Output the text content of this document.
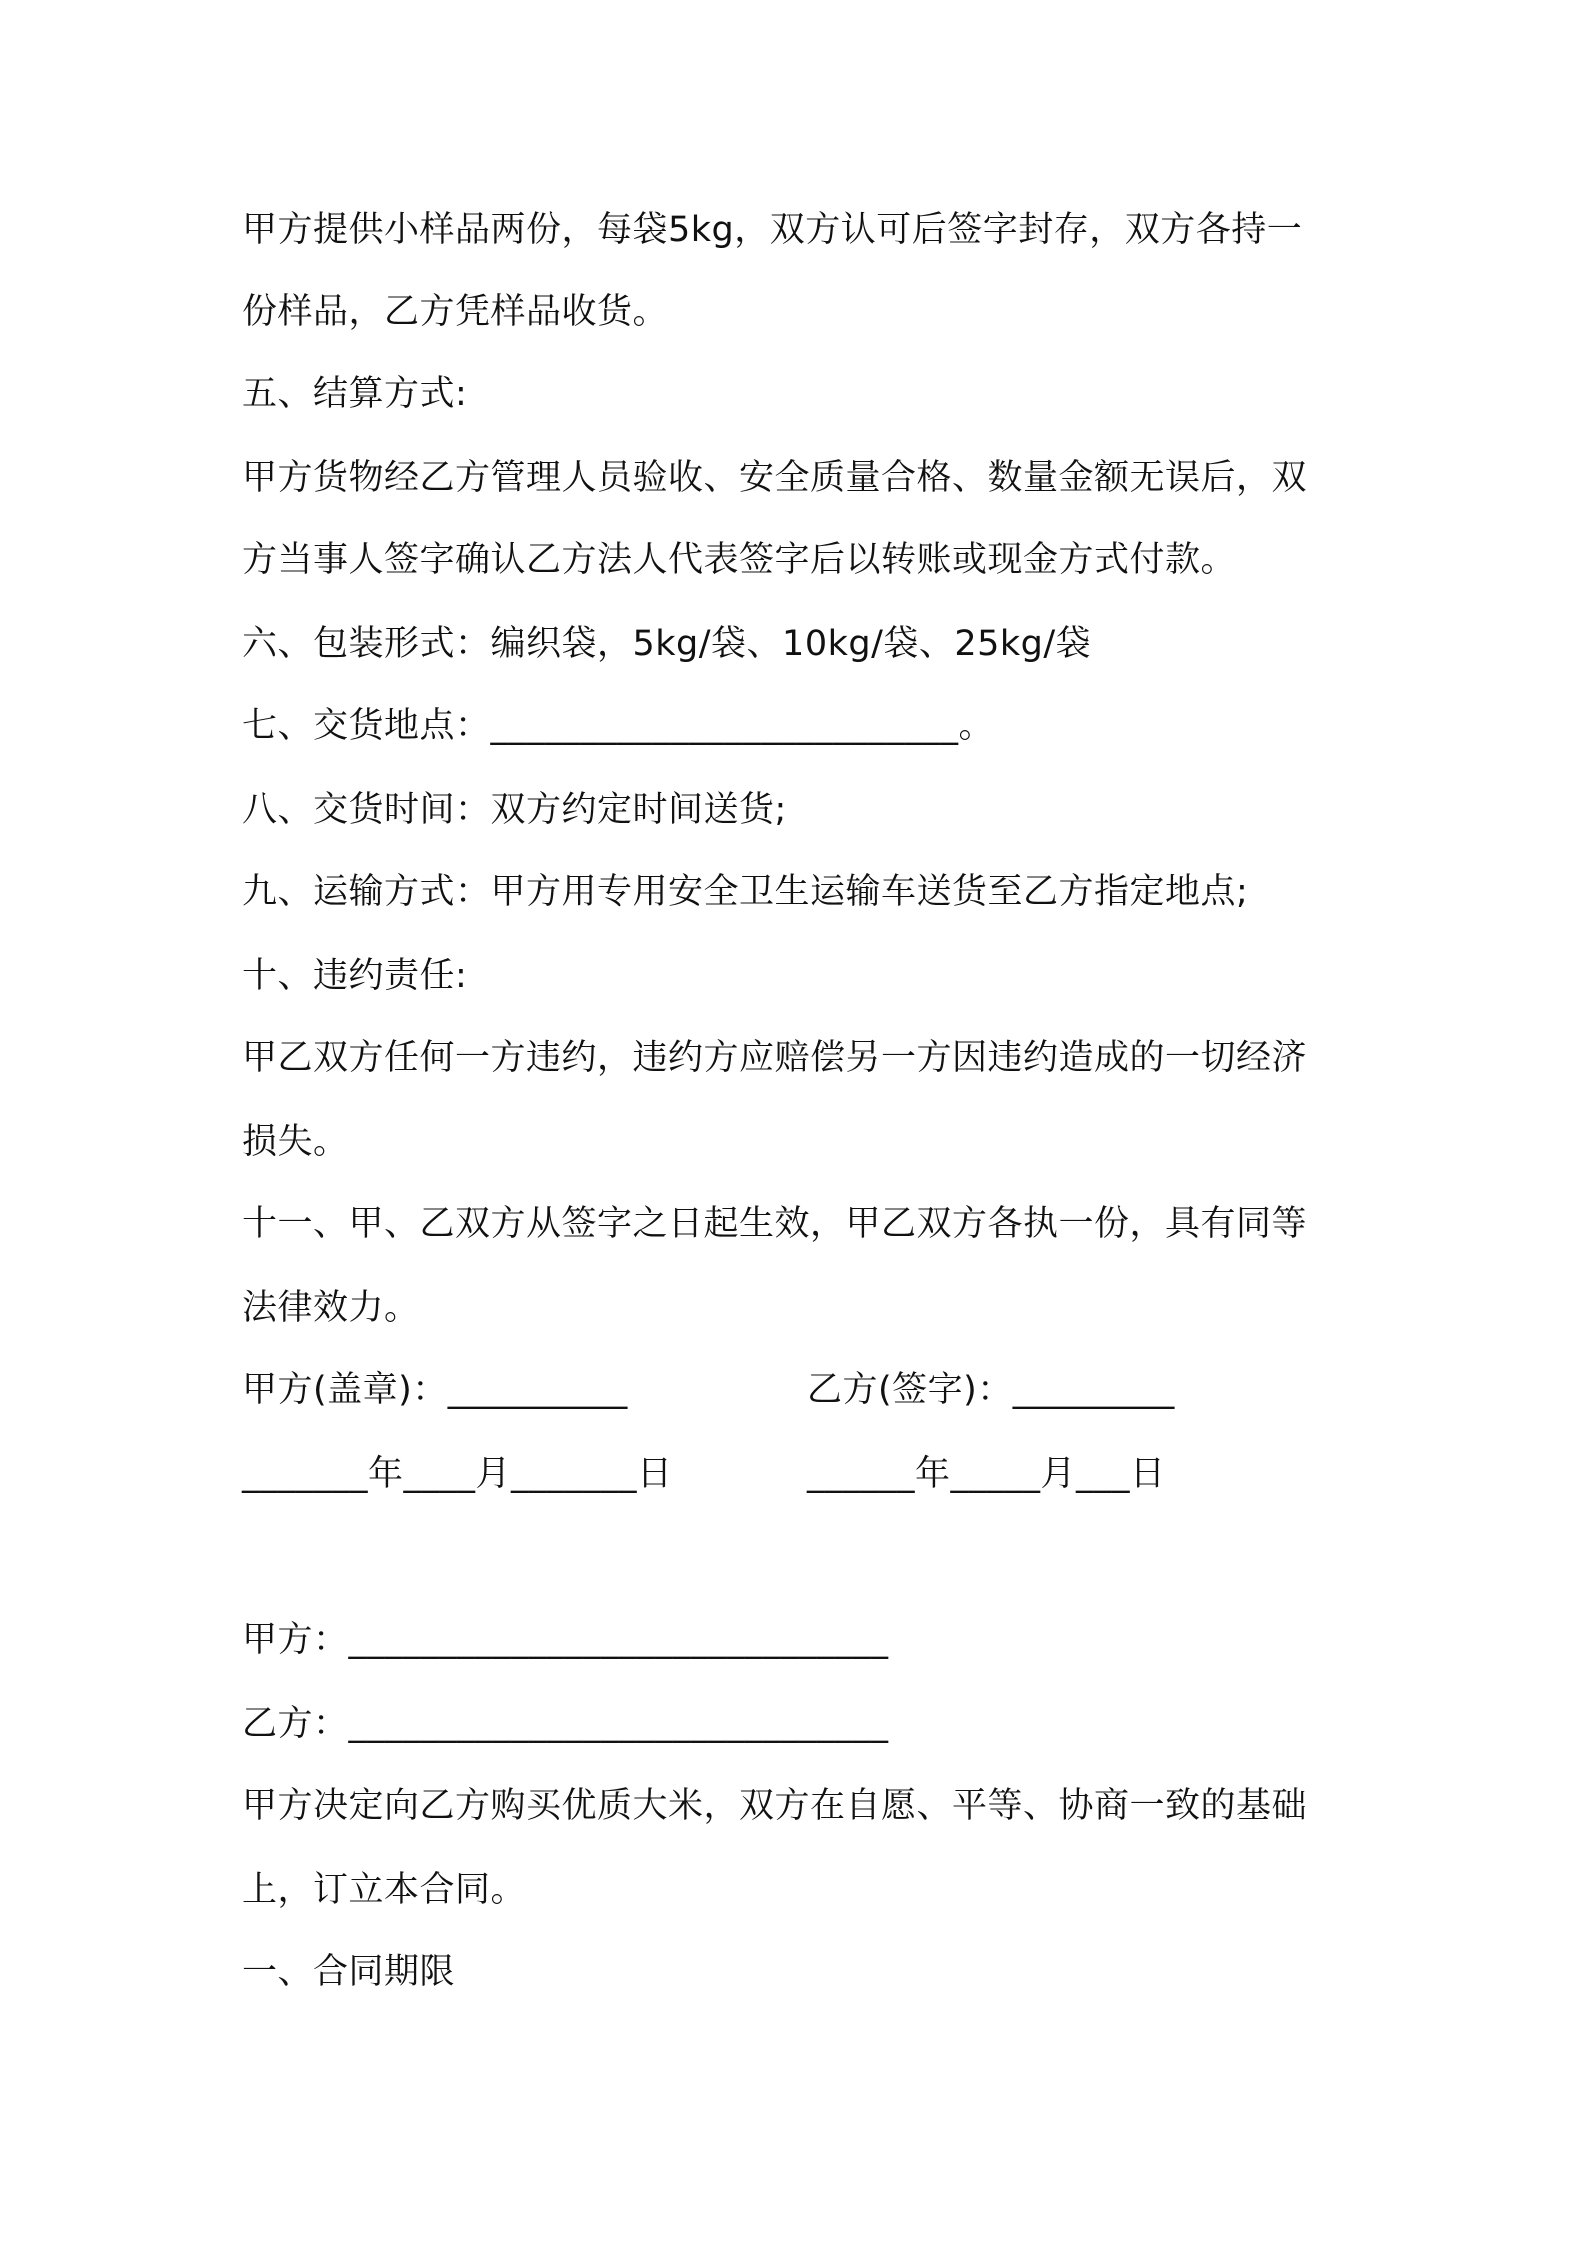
甲方提供小样品两份，每袋5kg，双方认可后签字封存，双方各持一
份样品，乙方凭样品收货。
五、结算方式:
甲方货物经乙方管理人员验收、安全质量合格、数量金额无误后，双
方当事人签字确认乙方法人代表签字后以转账或现金方式付款。
六、包装形式：编织袋，5kg/袋、10kg/袋、25kg/袋
七、交货地点：__________________________。
八、交货时间：双方约定时间送货;
九、运输方式：甲方用专用安全卫生运输车送货至乙方指定地点;
十、违约责任:
甲乙双方任何一方违约，违约方应赔偿另一方因违约造成的一切经济
损失。
十一、甲、乙双方从签字之日起生效，甲乙双方各执一份，具有同等
法律效力。
甲方(盖章)：__________	乙方(签字)：_________
_______年____月_______日	______年_____月___日
甲方：______________________________
乙方：______________________________
甲方决定向乙方购买优质大米，双方在自愿、平等、协商一致的基础
上，订立本合同。
一、合同期限
